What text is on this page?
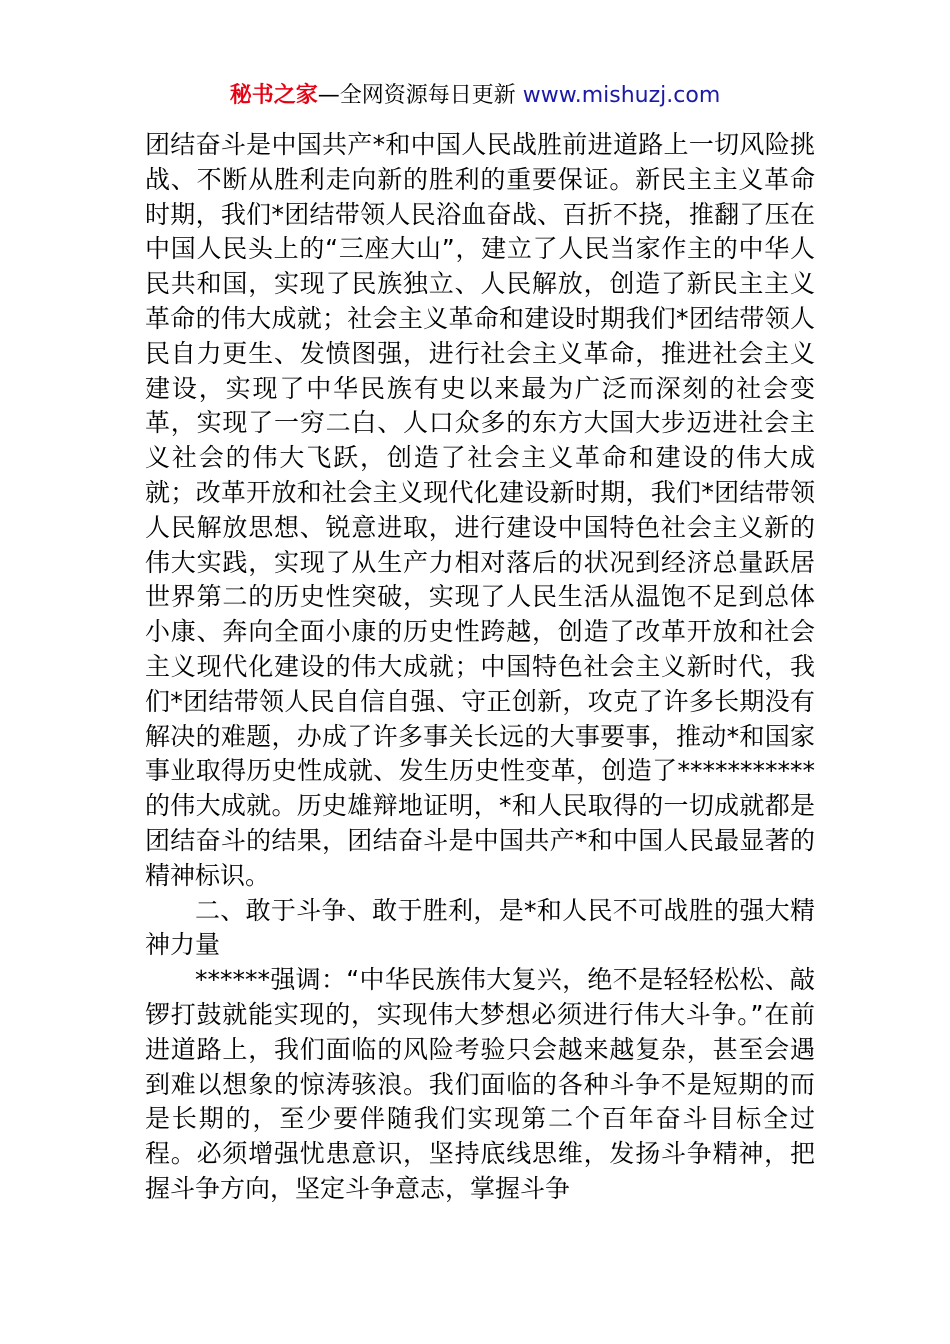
秘书之家—全网资源每日更新 www.mishuzj.com

团结奋斗是中国共产*和中国人民战胜前进道路上一切风险挑战、不断从胜利走向新的胜利的重要保证。新民主主义革命时期，我们*团结带领人民浴血奋战、百折不挠，推翻了压在中国人民头上的“三座大山”，建立了人民当家作主的中华人民共和国，实现了民族独立、人民解放，创造了新民主主义革命的伟大成就；社会主义革命和建设时期我们*团结带领人民自力更生、发愤图强，进行社会主义革命，推进社会主义建设，实现了中华民族有史以来最为广泛而深刻的社会变革，实现了一穷二白、人口众多的东方大国大步迈进社会主义社会的伟大飞跃，创造了社会主义革命和建设的伟大成就；改革开放和社会主义现代化建设新时期，我们*团结带领人民解放思想、锐意进取，进行建设中国特色社会主义新的伟大实践，实现了从生产力相对落后的状况到经济总量跃居世界第二的历史性突破，实现了人民生活从温饱不足到总体小康、奔向全面小康的历史性跨越，创造了改革开放和社会主义现代化建设的伟大成就；中国特色社会主义新时代，我们*团结带领人民自信自强、守正创新，攻克了许多长期没有解决的难题，办成了许多事关长远的大事要事，推动*和国家事业取得历史性成就、发生历史性变革，创造了***********的伟大成就。历史雄辩地证明，*和人民取得的一切成就都是团结奋斗的结果，团结奋斗是中国共产*和中国人民最显著的精神标识。

二、敢于斗争、敢于胜利，是*和人民不可战胜的强大精神力量

******强调：“中华民族伟大复兴，绝不是轻轻松松、敲锣打鼓就能实现的，实现伟大梦想必须进行伟大斗争。”在前进道路上，我们面临的风险考验只会越来越复杂，甚至会遇到难以想象的惊涛骇浪。我们面临的各种斗争不是短期的而是长期的，至少要伴随我们实现第二个百年奋斗目标全过程。必须增强忧患意识，坚持底线思维，发扬斗争精神，把握斗争方向，坚定斗争意志，掌握斗争
